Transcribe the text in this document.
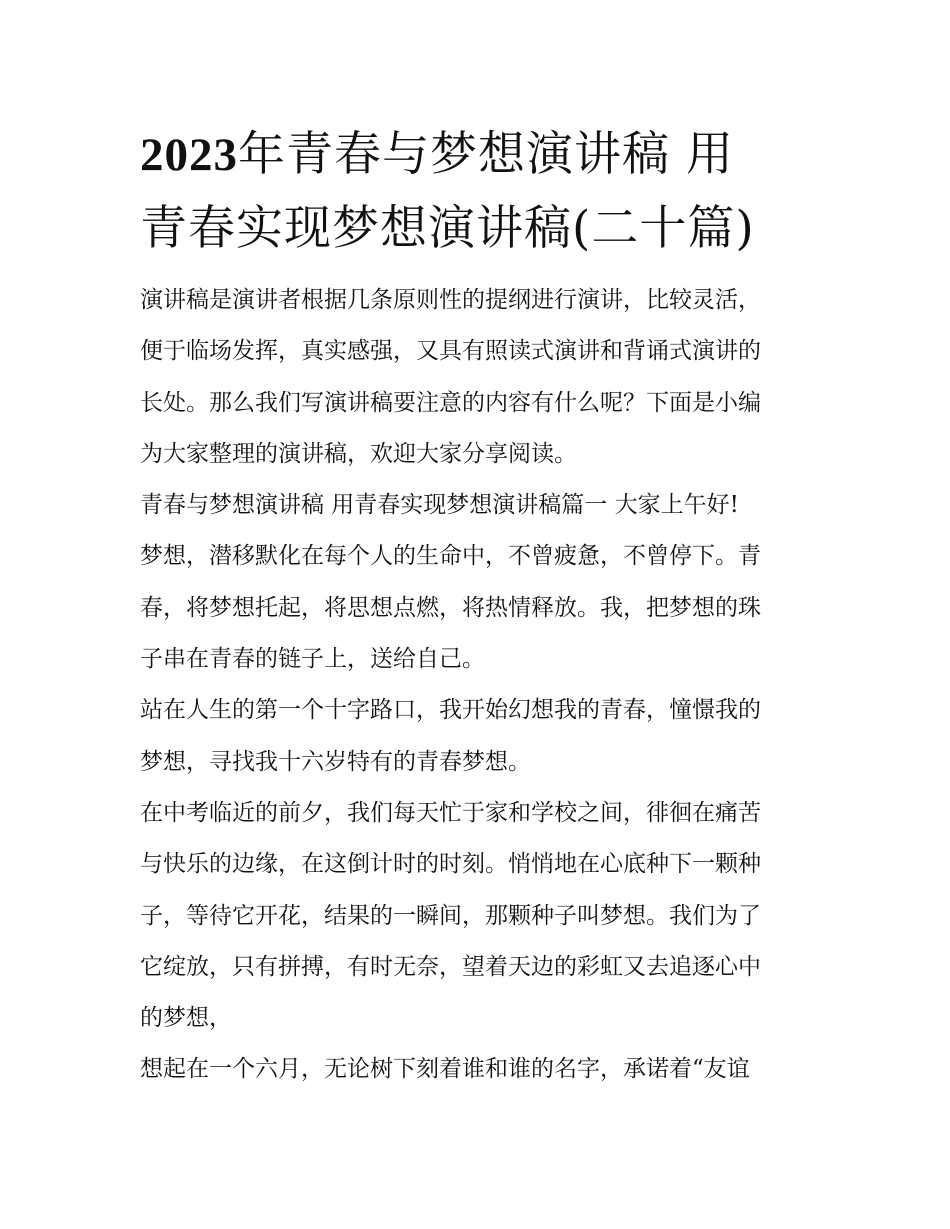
2023年青春与梦想演讲稿 用
青春实现梦想演讲稿(二十篇)

演讲稿是演讲者根据几条原则性的提纲进行演讲，比较灵活，
便于临场发挥，真实感强，又具有照读式演讲和背诵式演讲的
长处。那么我们写演讲稿要注意的内容有什么呢？下面是小编
为大家整理的演讲稿，欢迎大家分享阅读。

青春与梦想演讲稿 用青春实现梦想演讲稿篇一 大家上午好!

梦想，潜移默化在每个人的生命中，不曾疲惫，不曾停下。青
春，将梦想托起，将思想点燃，将热情释放。我，把梦想的珠
子串在青春的链子上，送给自己。

站在人生的第一个十字路口，我开始幻想我的青春，憧憬我的
梦想，寻找我十六岁特有的青春梦想。

在中考临近的前夕，我们每天忙于家和学校之间，徘徊在痛苦
与快乐的边缘，在这倒计时的时刻。悄悄地在心底种下一颗种
子，等待它开花，结果的一瞬间，那颗种子叫梦想。我们为了
它绽放，只有拼搏，有时无奈，望着天边的彩虹又去追逐心中
的梦想，

想起在一个六月，无论树下刻着谁和谁的名字，承诺着“友谊
